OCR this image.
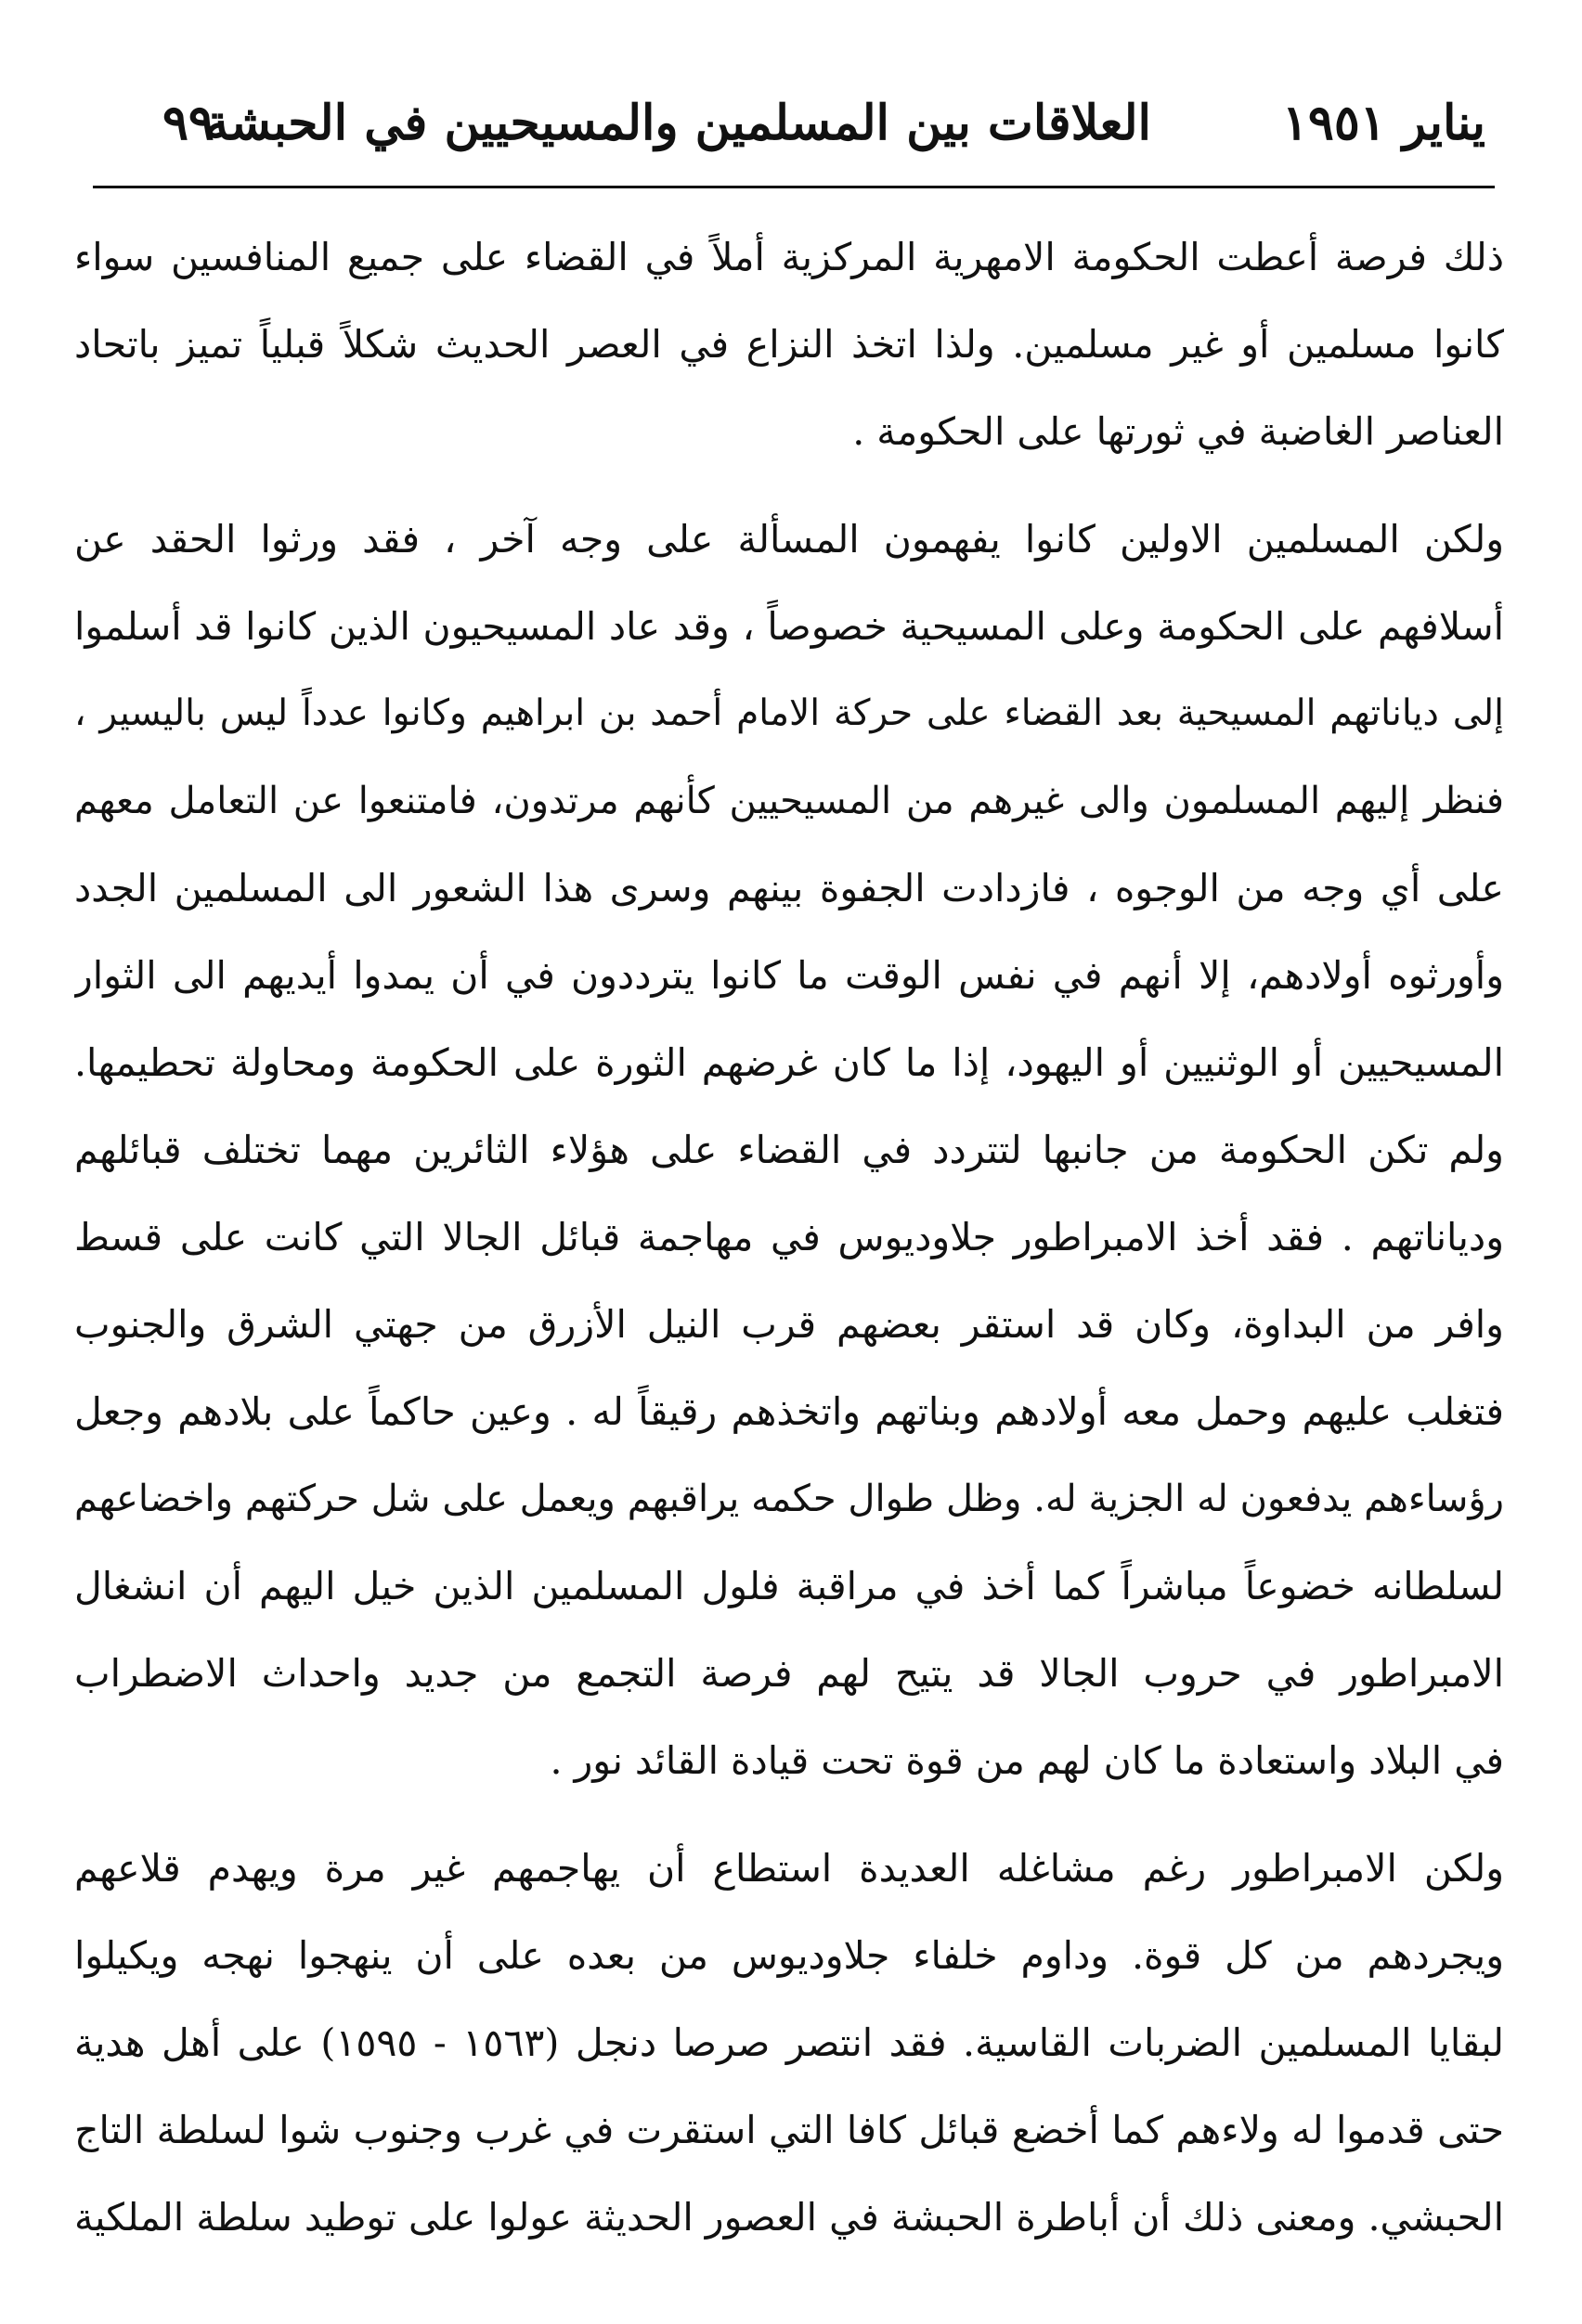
يناير ١٩٥١
العلاقات بين المسلمين والمسيحيين في الحبشة
٩٩
ذلك فرصة أعطت الحكومة الامهرية المركزية أملاً في القضاء على جميع المنافسين سواء
كانوا مسلمين أو غير مسلمين. ولذا اتخذ النزاع في العصر الحديث شكلاً قبلياً تميز باتحاد
العناصر الغاضبة في ثورتها على الحكومة .
ولكن المسلمين الاولين كانوا يفهمون المسألة على وجه آخر ، فقد ورثوا الحقد عن
أسلافهم على الحكومة وعلى المسيحية خصوصاً ، وقد عاد المسيحيون الذين كانوا قد أسلموا
إلى دياناتهم المسيحية بعد القضاء على حركة الامام أحمد بن ابراهيم وكانوا عدداً ليس باليسير ،
فنظر إليهم المسلمون والى غيرهم من المسيحيين كأنهم مرتدون، فامتنعوا عن التعامل معهم
على أي وجه من الوجوه ، فازدادت الجفوة بينهم وسرى هذا الشعور الى المسلمين الجدد
وأورثوه أولادهم، إلا أنهم في نفس الوقت ما كانوا يترددون في أن يمدوا أيديهم الى الثوار
المسيحيين أو الوثنيين أو اليهود، إذا ما كان غرضهم الثورة على الحكومة ومحاولة تحطيمها.
ولم تكن الحكومة من جانبها لتتردد في القضاء على هؤلاء الثائرين مهما تختلف قبائلهم
ودياناتهم . فقد أخذ الامبراطور جلاوديوس في مهاجمة قبائل الجالا التي كانت على قسط
وافر من البداوة، وكان قد استقر بعضهم قرب النيل الأزرق من جهتي الشرق والجنوب
فتغلب عليهم وحمل معه أولادهم وبناتهم واتخذهم رقيقاً له . وعين حاكماً على بلادهم وجعل
رؤساءهم يدفعون له الجزية له. وظل طوال حكمه يراقبهم ويعمل على شل حركتهم واخضاعهم
لسلطانه خضوعاً مباشراً كما أخذ في مراقبة فلول المسلمين الذين خيل اليهم أن انشغال
الامبراطور في حروب الجالا قد يتيح لهم فرصة التجمع من جديد واحداث الاضطراب
في البلاد واستعادة ما كان لهم من قوة تحت قيادة القائد نور .
ولكن الامبراطور رغم مشاغله العديدة استطاع أن يهاجمهم غير مرة ويهدم قلاعهم
ويجردهم من كل قوة. وداوم خلفاء جلاوديوس من بعده على أن ينهجوا نهجه ويكيلوا
لبقايا المسلمين الضربات القاسية. فقد انتصر صرصا دنجل (١٥٦٣ - ١٥٩٥) على أهل هدية
حتى قدموا له ولاءهم كما أخضع قبائل كافا التي استقرت في غرب وجنوب شوا لسلطة التاج
الحبشي. ومعنى ذلك أن أباطرة الحبشة في العصور الحديثة عولوا على توطيد سلطة الملكية
